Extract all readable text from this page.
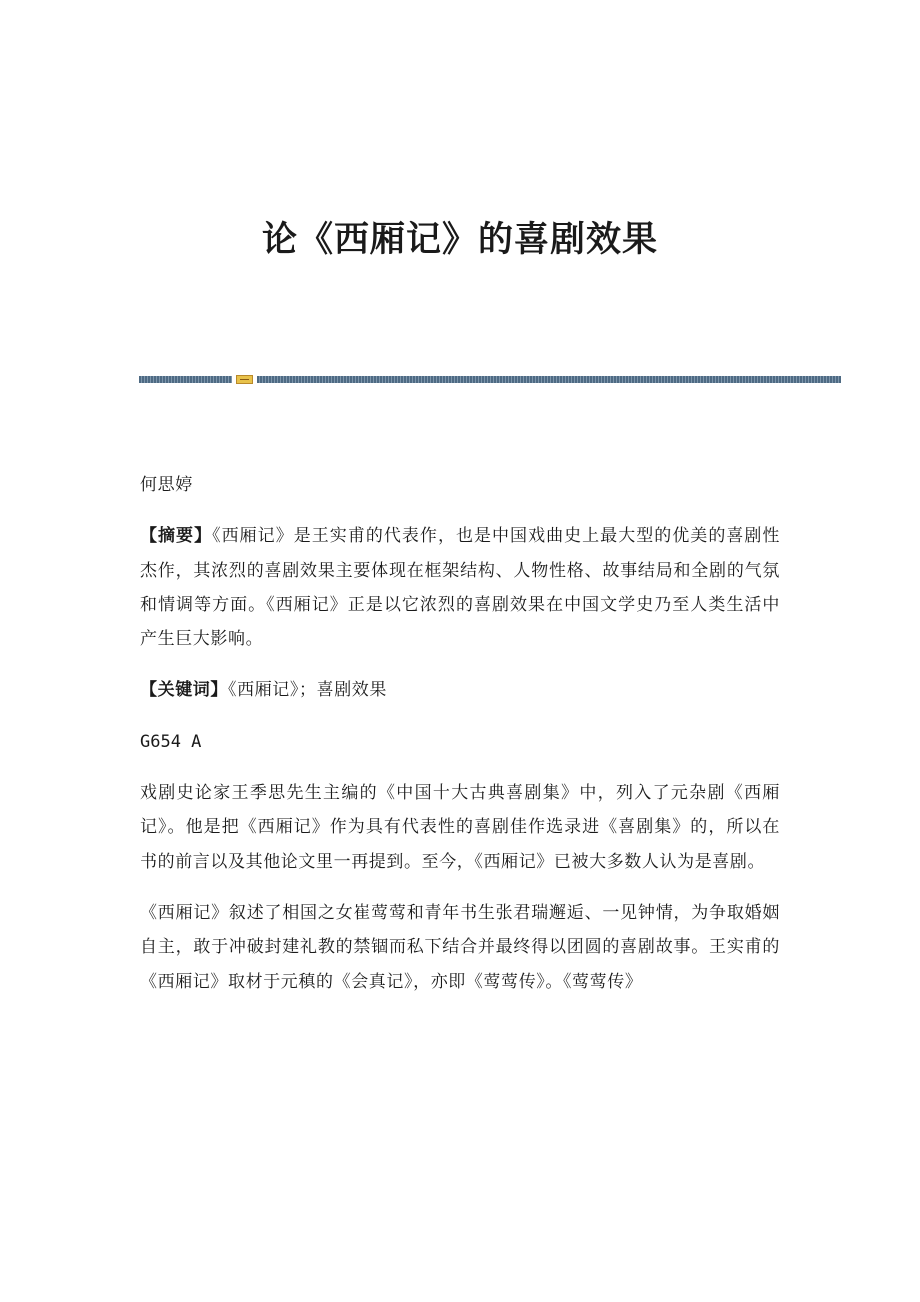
论《西厢记》的喜剧效果

何思婷

【摘要】《西厢记》是王实甫的代表作，也是中国戏曲史上最大型的优美的喜剧性杰作，其浓烈的喜剧效果主要体现在框架结构、人物性格、故事结局和全剧的气氛和情调等方面。《西厢记》正是以它浓烈的喜剧效果在中国文学史乃至人类生活中产生巨大影响。

【关键词】《西厢记》；喜剧效果

G654 A

戏剧史论家王季思先生主编的《中国十大古典喜剧集》中，列入了元杂剧《西厢记》。他是把《西厢记》作为具有代表性的喜剧佳作选录进《喜剧集》的，所以在书的前言以及其他论文里一再提到。至今，《西厢记》已被大多数人认为是喜剧。

《西厢记》叙述了相国之女崔莺莺和青年书生张君瑞邂逅、一见钟情，为争取婚姻自主，敢于冲破封建礼教的禁锢而私下结合并最终得以团圆的喜剧故事。王实甫的《西厢记》取材于元稹的《会真记》，亦即《莺莺传》。《莺莺传》
